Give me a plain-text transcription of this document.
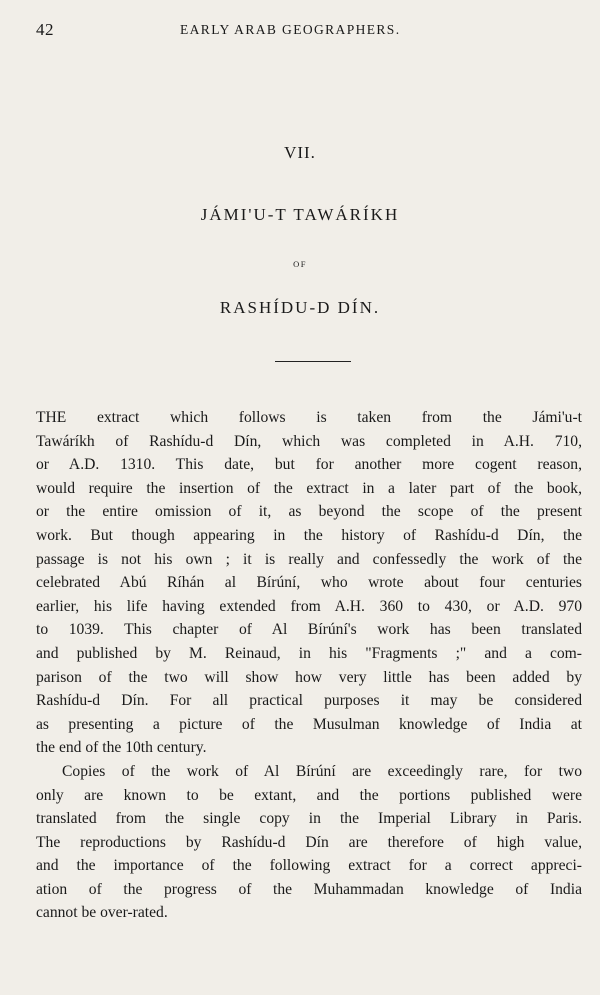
42	EARLY ARAB GEOGRAPHERS.
VII.
JÁMI'U-T TAWÁRÍKH
OF
RASHÍDU-D DÍN.
THE extract which follows is taken from the Jámi'u-t
Tawáríkh of Rashídu-d Dín, which was completed in A.H. 710,
or A.D. 1310. This date, but for another more cogent reason,
would require the insertion of the extract in a later part of the book,
or the entire omission of it, as beyond the scope of the present
work. But though appearing in the history of Rashídu-d Dín, the
passage is not his own ; it is really and confessedly the work of the
celebrated Abú Ríhán al Bírúní, who wrote about four centuries
earlier, his life having extended from A.H. 360 to 430, or A.D. 970
to 1039. This chapter of Al Bírúní's work has been translated
and published by M. Reinaud, in his "Fragments ;" and a com-
parison of the two will show how very little has been added by
Rashídu-d Dín. For all practical purposes it may be considered
as presenting a picture of the Musulman knowledge of India at
the end of the 10th century.
Copies of the work of Al Bírúní are exceedingly rare, for two
only are known to be extant, and the portions published were
translated from the single copy in the Imperial Library in Paris.
The reproductions by Rashídu-d Dín are therefore of high value,
and the importance of the following extract for a correct appreci-
ation of the progress of the Muhammadan knowledge of India
cannot be over-rated.
